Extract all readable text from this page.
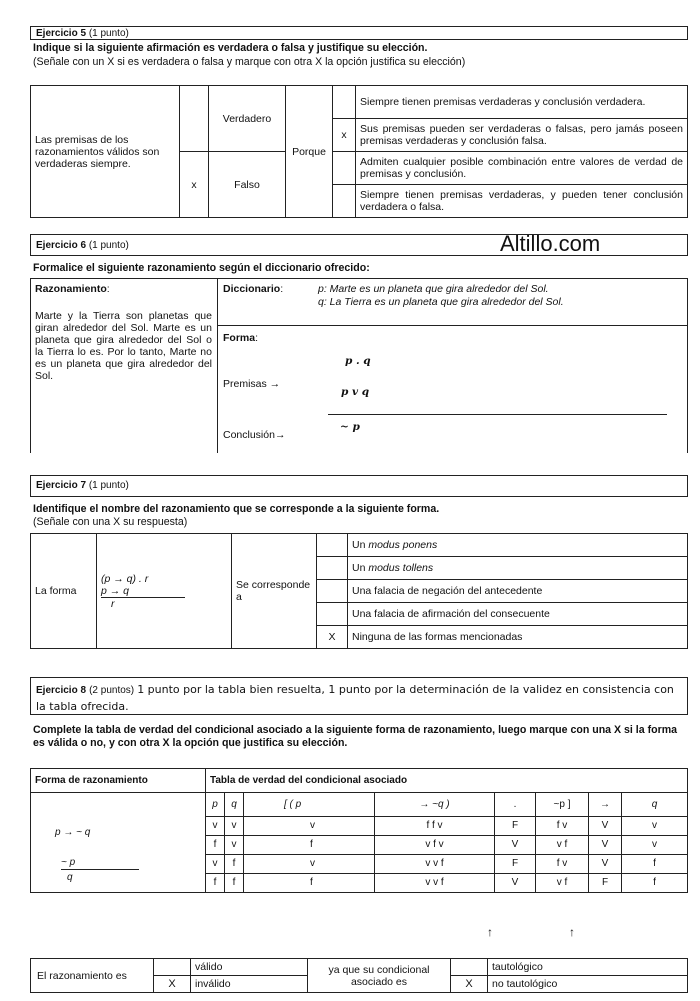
Ejercicio 5 (1 punto)
Indique si la siguiente afirmación es verdadera o falsa y justifique su elección.
(Señale con un X si es verdadera o falsa y marque con otra X la opción justifica su elección)
Las premisas de los razonamientos válidos son verdaderas siempre.		Verdadero	Porque		Siempre tienen premisas verdaderas y conclusión verdadera.
				x	Sus premisas pueden ser verdaderas o falsas, pero jamás poseen premisas verdaderas y conclusión falsa.
	x	Falso			Admiten cualquier posible combinación entre valores de verdad de premisas y conclusión.
					Siempre tienen premisas verdaderas, y pueden tener conclusión verdadera o falsa.
Ejercicio 6 (1 punto)	Altillo.com
Formalice el siguiente razonamiento según el diccionario ofrecido:
Razonamiento:
Marte y la Tierra son planetas que giran alrededor del Sol. Marte es un planeta que gira alrededor del Sol o la Tierra lo es. Por lo tanto, Marte no es un planeta que gira alrededor del Sol.
Diccionario:	p: Marte es un planeta que gira alrededor del Sol.
q: La Tierra es un planeta que gira alrededor del Sol.
Forma:
Premisas →
p . q
p v q
~ p
Conclusión→
Ejercicio 7 (1 punto)
Identifique el nombre del razonamiento que se corresponde a la siguiente forma.
(Señale con una X su respuesta)
La forma	(p → q) . r
p → q
r	Se corresponde a		Un modus ponens
				Un modus tollens
				Una falacia de negación del antecedente
				Una falacia de afirmación del consecuente
			X	Ninguna de las formas mencionadas
Ejercicio 8 (2 puntos) 1 punto por la tabla bien resuelta, 1 punto por la determinación de la validez en consistencia con la tabla ofrecida.
Complete la tabla de verdad del condicional asociado a la siguiente forma de razonamiento, luego marque con una X si la forma es válida o no, y con otra X la opción que justifica su elección.
Forma de razonamiento	Tabla de verdad del condicional asociado							

p → ~ q
~ p
q	p	q	[ ( p	→ ~q )	.	~p ]	→	q
	v	v	v	f f v	F	f v	V	v
	f	v	f	v f v	V	v f	V	v
	v	f	v	v v f	F	f v	V	f
	f	f	f	v v f	V	v f	F	f
↑	↑
El razonamiento es		válido	ya que su condicional asociado es		tautológico
	X	inválido		X	no tautológico
